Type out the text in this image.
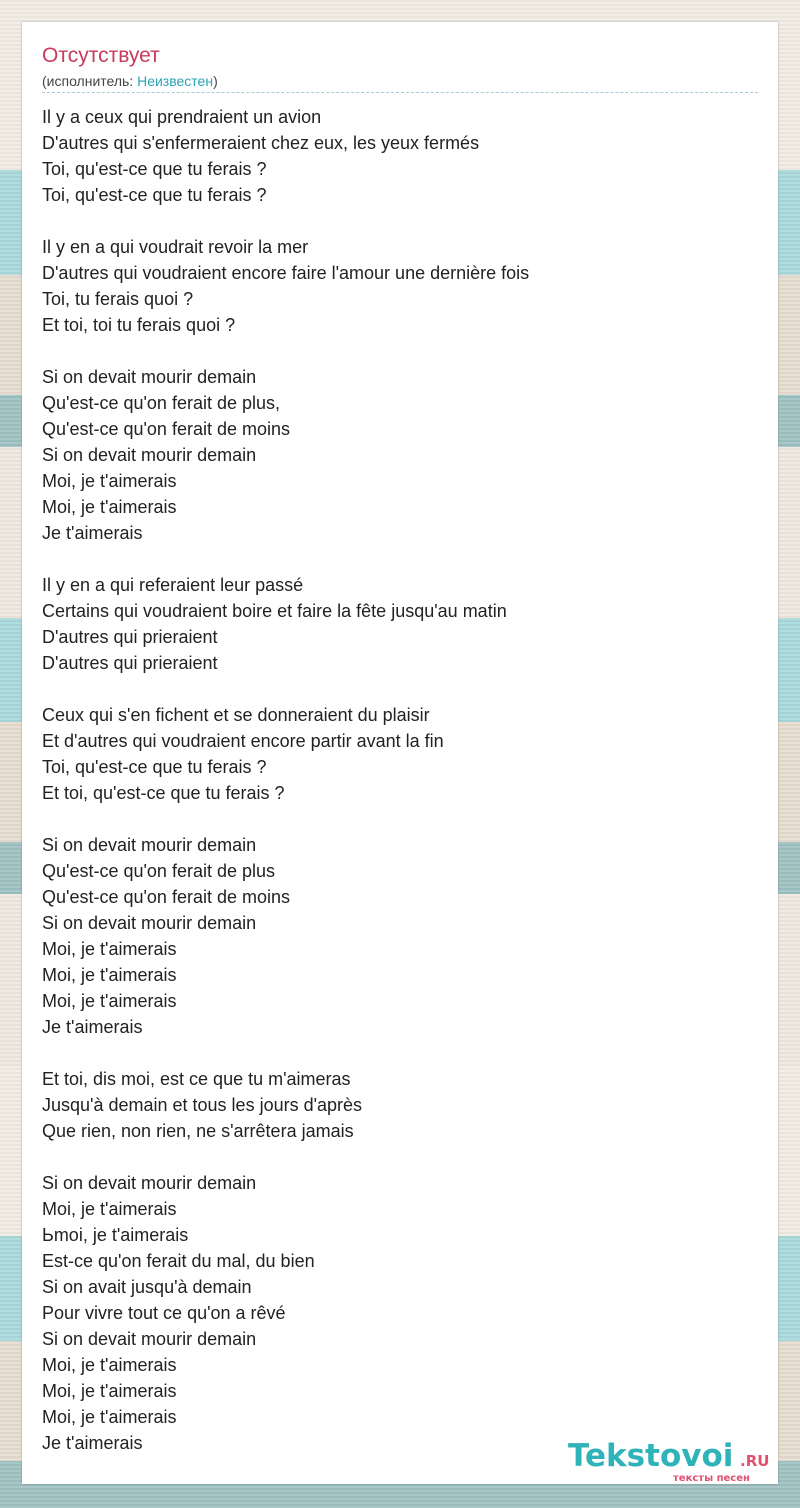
Отсутствует
(исполнитель: Неизвестен)
Il y a ceux qui prendraient un avion
D'autres qui s'enfermeraient chez eux, les yeux fermés
Toi, qu'est-ce que tu ferais ?
Toi, qu'est-ce que tu ferais ?
Il y en a qui voudrait revoir la mer
D'autres qui voudraient encore faire l'amour une dernière fois
Toi, tu ferais quoi ?
Et toi, toi tu ferais quoi ?
Si on devait mourir demain
Qu'est-ce qu'on ferait de plus,
Qu'est-ce qu'on ferait de moins
Si on devait mourir demain
Moi, je t'aimerais
Moi, je t'aimerais
Je t'aimerais
Il y en a qui referaient leur passé
Certains qui voudraient boire et faire la fête jusqu'au matin
D'autres qui prieraient
D'autres qui prieraient
Ceux qui s'en fichent et se donneraient du plaisir
Et d'autres qui voudraient encore partir avant la fin
Toi, qu'est-ce que tu ferais ?
Et toi, qu'est-ce que tu ferais ?
Si on devait mourir demain
Qu'est-ce qu'on ferait de plus
Qu'est-ce qu'on ferait de moins
Si on devait mourir demain
Moi, je t'aimerais
Moi, je t'aimerais
Moi, je t'aimerais
Je t'aimerais
Et toi, dis moi, est ce que tu m'aimeras
Jusqu'à demain et tous les jours d'après
Que rien, non rien, ne s'arrêtera jamais
Si on devait mourir demain
Moi, je t'aimerais
Ьmoi, je t'aimerais
Est-ce qu'on ferait du mal, du bien
Si on avait jusqu'à demain
Pour vivre tout ce qu'on a rêvé
Si on devait mourir demain
Moi, je t'aimerais
Moi, je t'aimerais
Moi, je t'aimerais
Je t'aimerais	Tekstovoi .RU
тексты песен
